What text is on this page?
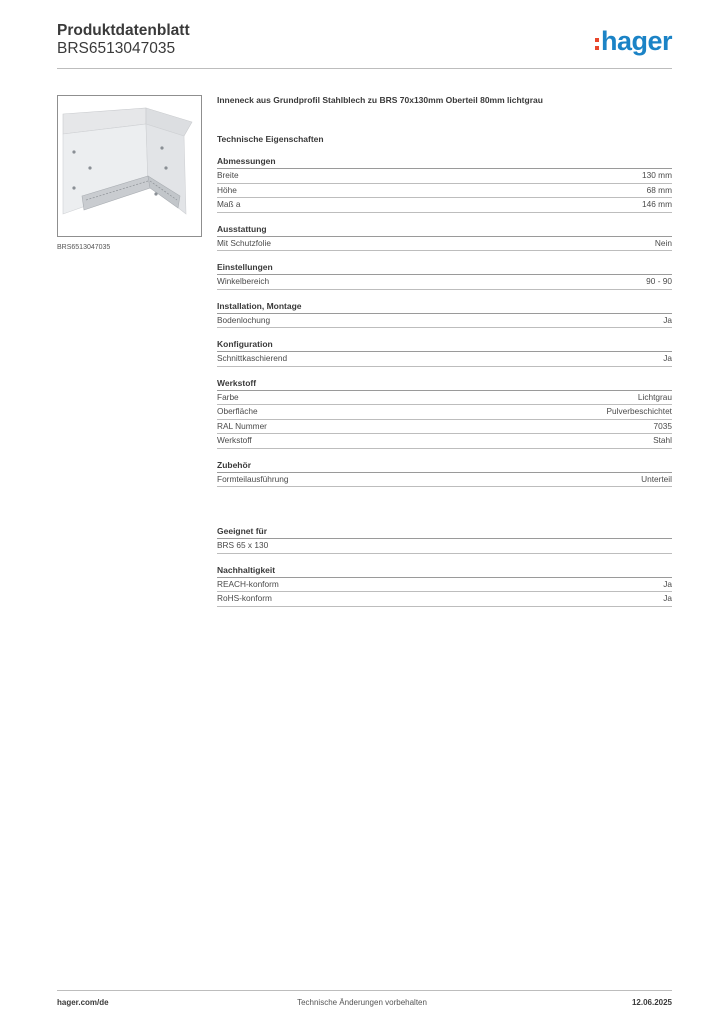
Produktdatenblatt
BRS6513047035	hager
BRS6513047035
Inneneck aus Grundprofil Stahlblech zu BRS 70x130mm Oberteil 80mm lichtgrau
Technische Eigenschaften
Abmessungen
Breite	130 mm
Höhe	68 mm
Maß a	146 mm
Ausstattung
Mit Schutzfolie	Nein
Einstellungen
Winkelbereich	90 - 90
Installation, Montage
Bodenlochung	Ja
Konfiguration
Schnittkaschierend	Ja
Werkstoff
Farbe	Lichtgrau
Oberfläche	Pulverbeschichtet
RAL Nummer	7035
Werkstoff	Stahl
Zubehör
Formteilausführung	Unterteil
Geeignet für
BRS 65 x 130
Nachhaltigkeit
REACH-konform	Ja
RoHS-konform	Ja
hager.com/de	Technische Änderungen vorbehalten	12.06.2025
